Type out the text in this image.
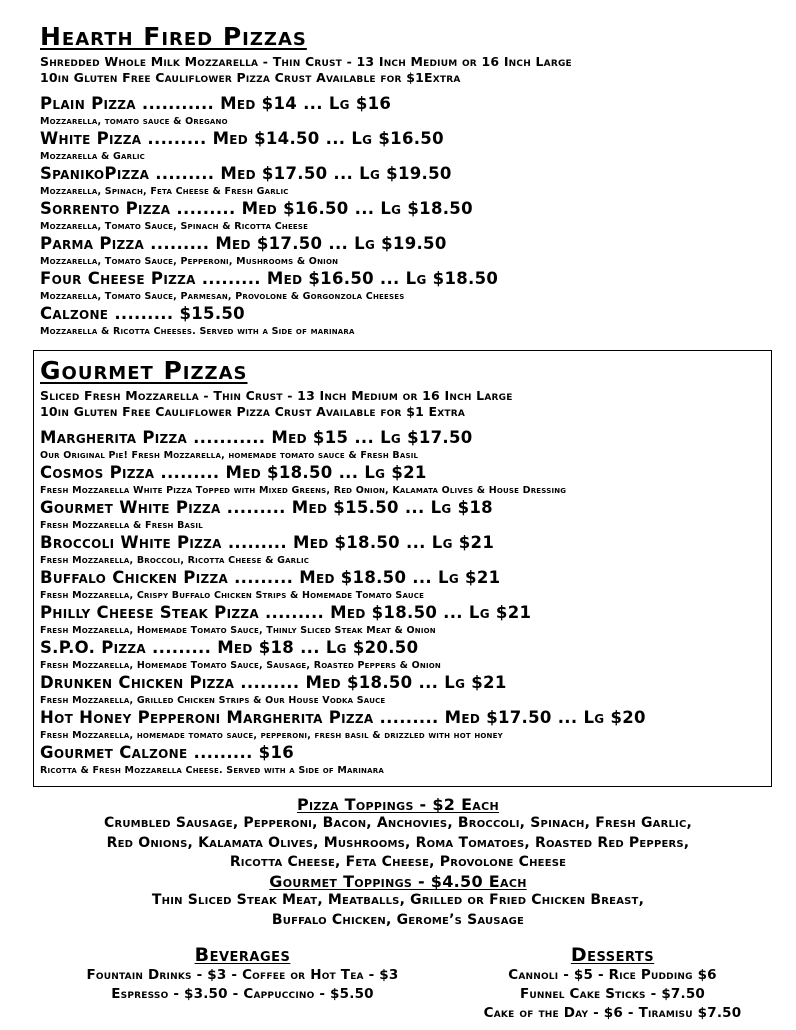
Hearth Fired Pizzas

Shredded Whole Milk Mozzarella - Thin Crust - 13 Inch Medium or 16 Inch Large

10in Gluten Free Cauliflower Pizza Crust Available for $1Extra

Plain Pizza ........... Med $14 ... Lg $16
Mozzarella, tomato sauce & Oregano
White Pizza ......... Med $14.50 ... Lg $16.50
Mozzarella & Garlic
SpanikoPizza ......... Med $17.50 ... Lg $19.50
Mozzarella, Spinach, Feta Cheese & Fresh Garlic
Sorrento Pizza ......... Med $16.50 ... Lg $18.50
Mozzarella, Tomato Sauce, Spinach & Ricotta Cheese
Parma Pizza ......... Med $17.50 ... Lg $19.50
Mozzarella, Tomato Sauce, Pepperoni, Mushrooms & Onion
Four Cheese Pizza ......... Med $16.50 ... Lg $18.50
Mozzarella, Tomato Sauce, Parmesan, Provolone & Gorgonzola Cheeses
Calzone ......... $15.50
Mozzarella & Ricotta Cheeses. Served with a Side of marinara
Gourmet Pizzas

Sliced Fresh Mozzarella - Thin Crust - 13 Inch Medium or 16 Inch Large

10in Gluten Free Cauliflower Pizza Crust Available for $1 Extra

Margherita Pizza ........... Med $15 ... Lg $17.50
Our Original Pie! Fresh Mozzarella, homemade tomato sauce & Fresh Basil
Cosmos Pizza ......... Med $18.50 ... Lg $21
Fresh Mozzarella White Pizza Topped with Mixed Greens, Red Onion, Kalamata Olives & House Dressing
Gourmet White Pizza ......... Med $15.50 ... Lg $18
Fresh Mozzarella & Fresh Basil
Broccoli White Pizza ......... Med $18.50 ... Lg $21
Fresh Mozzarella, Broccoli, Ricotta Cheese & Garlic
Buffalo Chicken Pizza ......... Med $18.50 ... Lg $21
Fresh Mozzarella, Crispy Buffalo Chicken Strips & Homemade Tomato Sauce
Philly Cheese Steak Pizza ......... Med $18.50 ... Lg $21
Fresh Mozzarella, Homemade Tomato Sauce, Thinly Sliced Steak Meat & Onion
S.P.O. Pizza ......... Med $18 ... Lg $20.50
Fresh Mozzarella, Homemade Tomato Sauce, Sausage, Roasted Peppers & Onion
Drunken Chicken Pizza ......... Med $18.50 ... Lg $21
Fresh Mozzarella, Grilled Chicken Strips & Our House Vodka Sauce
Hot Honey Pepperoni Margherita Pizza ......... Med $17.50 ... Lg $20
Fresh Mozzarella, homemade tomato sauce, pepperoni, fresh basil & drizzled with hot honey
Gourmet Calzone ......... $16
Ricotta & Fresh Mozzarella Cheese. Served with a Side of Marinara
Pizza Toppings - $2 Each
Crumbled Sausage, Pepperoni, Bacon, Anchovies, Broccoli, Spinach, Fresh Garlic,
Red Onions, Kalamata Olives, Mushrooms, Roma Tomatoes, Roasted Red Peppers,
Ricotta Cheese, Feta Cheese, Provolone Cheese
Gourmet Toppings - $4.50 Each
Thin Sliced Steak Meat, Meatballs, Grilled or Fried Chicken Breast,
Buffalo Chicken, Gerome’s Sausage
Beverages
Fountain Drinks - $3 - Coffee or Hot Tea - $3
Espresso - $3.50 - Cappuccino - $5.50
Desserts
Cannoli - $5 - Rice Pudding $6
Funnel Cake Sticks - $7.50
Cake of the Day - $6 - Tiramisu $7.50
